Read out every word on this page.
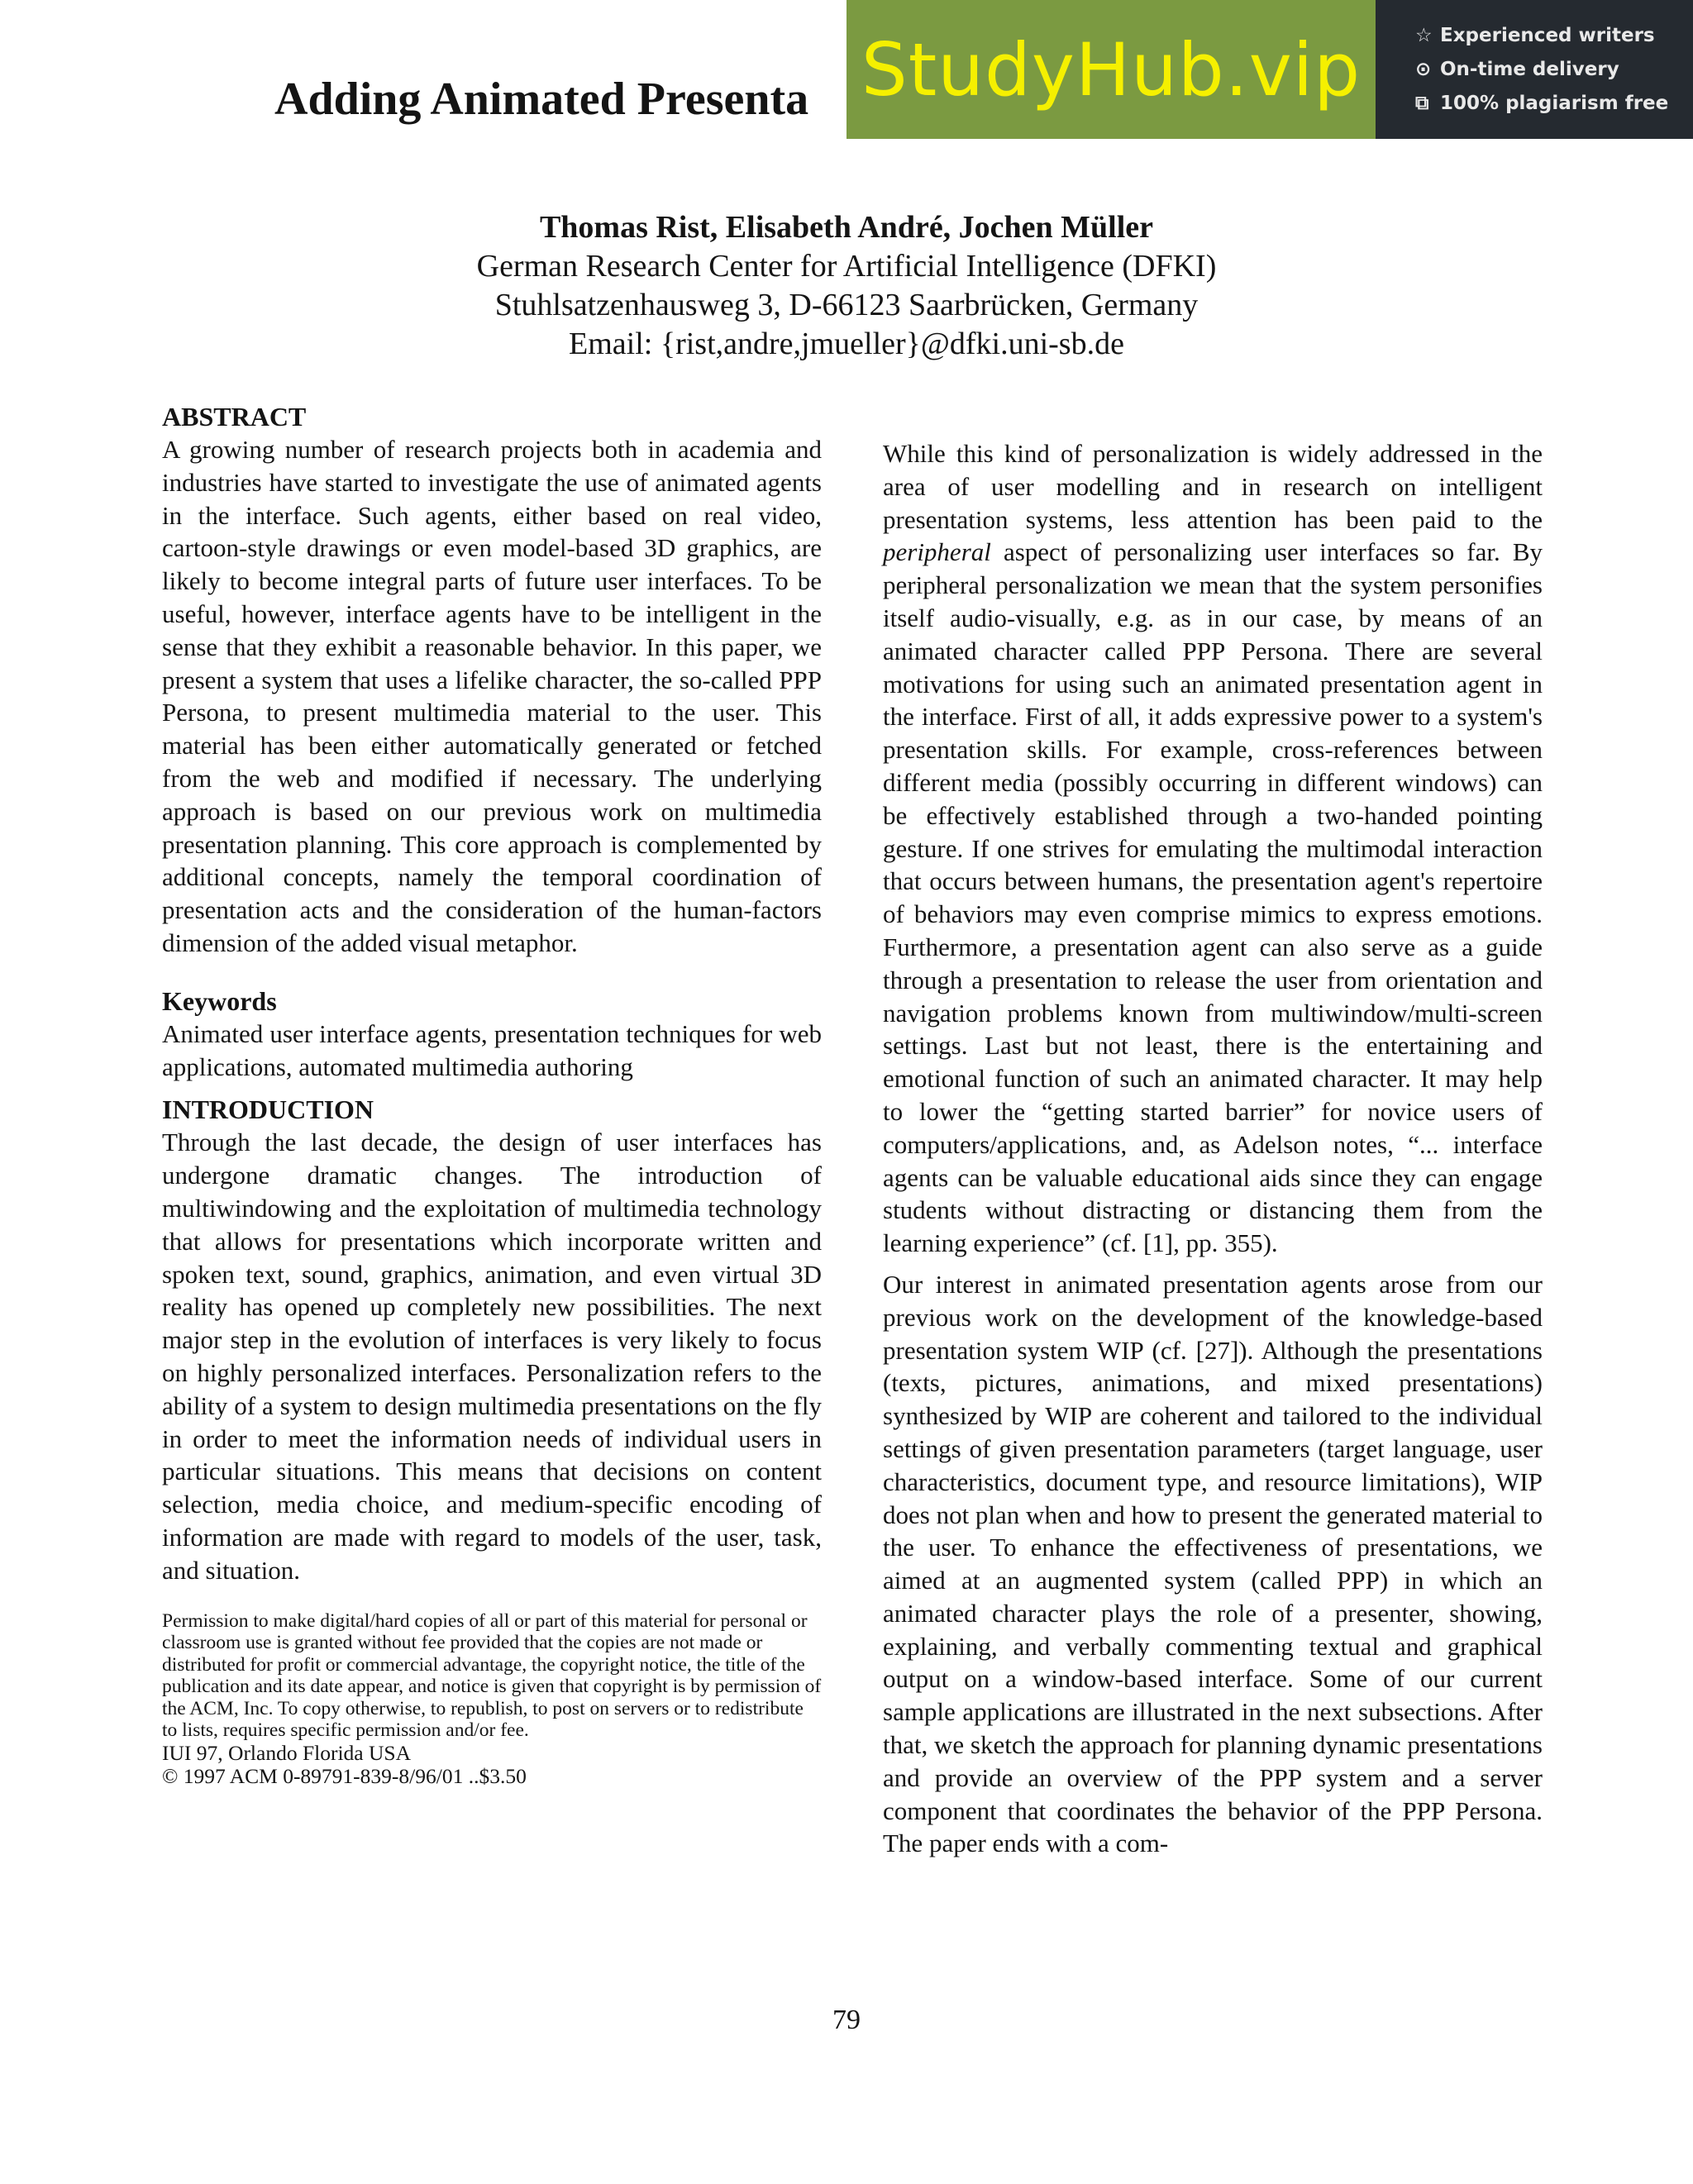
Adding Animated Presenta StudyHub.vip	☆ Experienced writers
⊙ On-time delivery
⧉ 100% plagiarism free
Thomas Rist, Elisabeth André, Jochen Müller
German Research Center for Artificial Intelligence (DFKI)
Stuhlsatzenhausweg 3, D-66123 Saarbrücken, Germany
Email: {rist,andre,jmueller}@dfki.uni-sb.de
ABSTRACT

A growing number of research projects both in academia and industries have started to investigate the use of animated agents in the interface. Such agents, either based on real video, cartoon-style drawings or even model-based 3D graphics, are likely to become integral parts of future user interfaces. To be useful, however, interface agents have to be intelligent in the sense that they exhibit a reasonable behavior. In this paper, we present a system that uses a lifelike character, the so-called PPP Persona, to present multimedia material to the user. This material has been either automatically generated or fetched from the web and modified if necessary. The underlying approach is based on our previous work on multimedia presentation planning. This core approach is complemented by additional concepts, namely the temporal coordination of presentation acts and the consideration of the human-factors dimension of the added visual metaphor.

Keywords

Animated user interface agents, presentation techniques for web applications, automated multimedia authoring

INTRODUCTION

Through the last decade, the design of user interfaces has undergone dramatic changes. The introduction of multiwindowing and the exploitation of multimedia technology that allows for presentations which incorporate written and spoken text, sound, graphics, animation, and even virtual 3D reality has opened up completely new possibilities. The next major step in the evolution of interfaces is very likely to focus on highly personalized interfaces. Personalization refers to the ability of a system to design multimedia presentations on the fly in order to meet the information needs of individual users in particular situations. This means that decisions on content selection, media choice, and medium-specific encoding of information are made with regard to models of the user, task, and situation.

Permission to make digital/hard copies of all or part of this material for personal or classroom use is granted without fee provided that the copies are not made or distributed for profit or commercial advantage, the copyright notice, the title of the publication and its date appear, and notice is given that copyright is by permission of the ACM, Inc. To copy otherwise, to republish, to post on servers or to redistribute to lists, requires specific permission and/or fee.
IUI 97, Orlando Florida USA
© 1997 ACM 0-89791-839-8/96/01 ..$3.50

While this kind of personalization is widely addressed in the area of user modelling and in research on intelligent presentation systems, less attention has been paid to the peripheral aspect of personalizing user interfaces so far. By peripheral personalization we mean that the system personifies itself audio-visually, e.g. as in our case, by means of an animated character called PPP Persona. There are several motivations for using such an animated presentation agent in the interface. First of all, it adds expressive power to a system's presentation skills. For example, cross-references between different media (possibly occurring in different windows) can be effectively established through a two-handed pointing gesture. If one strives for emulating the multimodal interaction that occurs between humans, the presentation agent's repertoire of behaviors may even comprise mimics to express emotions. Furthermore, a presentation agent can also serve as a guide through a presentation to release the user from orientation and navigation problems known from multiwindow/multi-screen settings. Last but not least, there is the entertaining and emotional function of such an animated character. It may help to lower the “getting started barrier” for novice users of computers/applications, and, as Adelson notes, “... interface agents can be valuable educational aids since they can engage students without distracting or distancing them from the learning experience” (cf. [1], pp. 355).

Our interest in animated presentation agents arose from our previous work on the development of the knowledge-based presentation system WIP (cf. [27]). Although the presentations (texts, pictures, animations, and mixed presentations) synthesized by WIP are coherent and tailored to the individual settings of given presentation parameters (target language, user characteristics, document type, and resource limitations), WIP does not plan when and how to present the generated material to the user. To enhance the effectiveness of presentations, we aimed at an augmented system (called PPP) in which an animated character plays the role of a presenter, showing, explaining, and verbally commenting textual and graphical output on a window-based interface. Some of our current sample applications are illustrated in the next subsections. After that, we sketch the approach for planning dynamic presentations and provide an overview of the PPP system and a server component that coordinates the behavior of the PPP Persona. The paper ends with a com-

79
